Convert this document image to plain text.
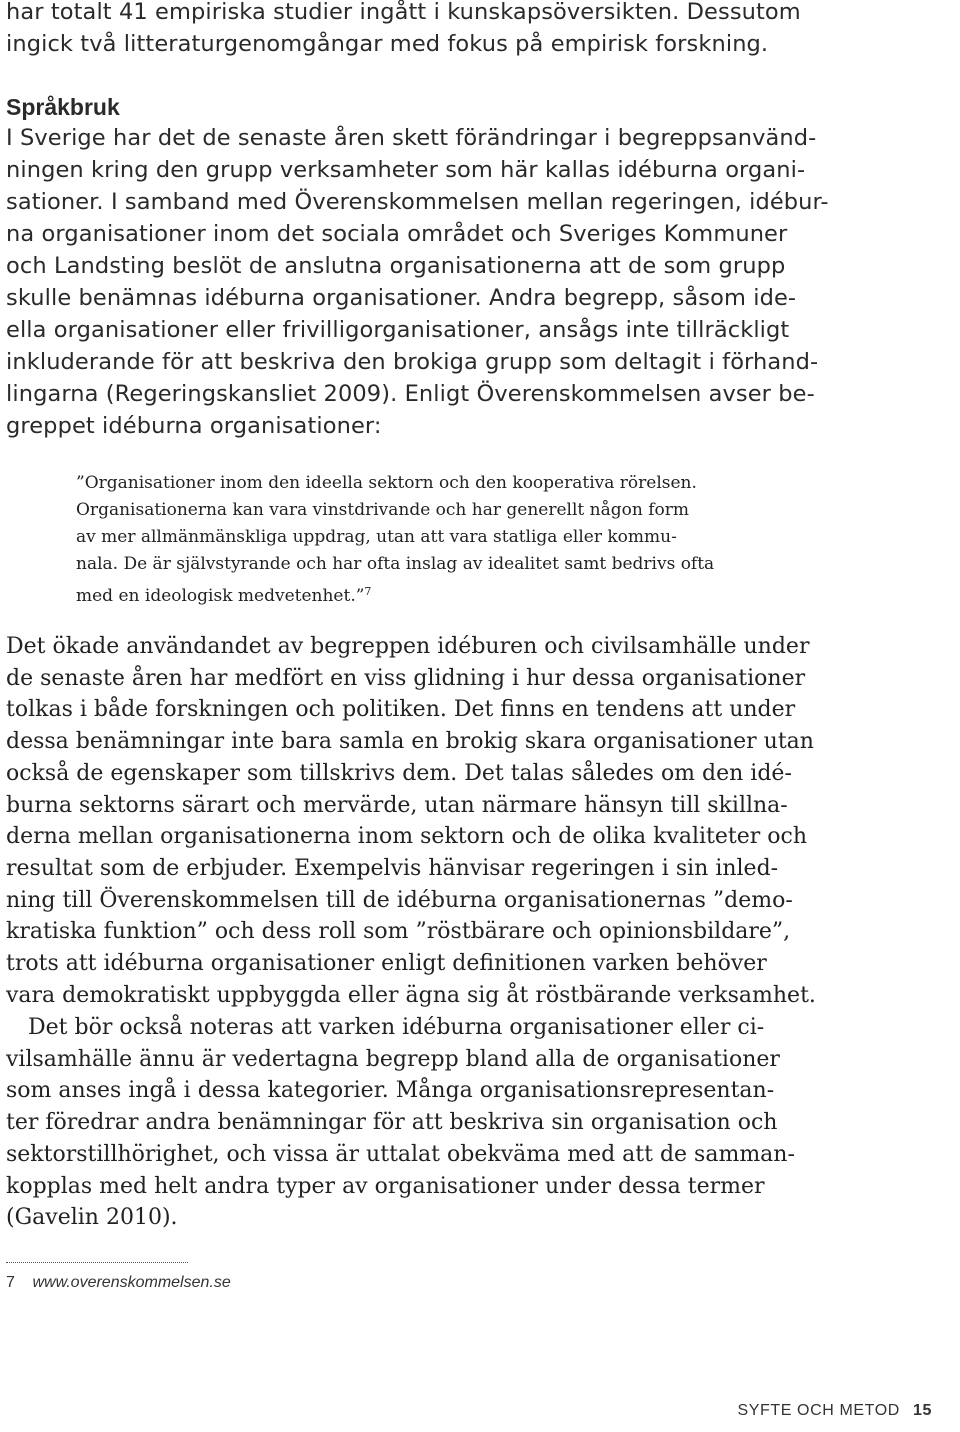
har totalt 41 empiriska studier ingått i kunskapsöversikten. Dessutom
ingick två litteraturgenomgångar med fokus på empirisk forskning.
Språkbruk
I Sverige har det de senaste åren skett förändringar i begreppsanvänd-
ningen kring den grupp verksamheter som här kallas idéburna organi-
sationer. I samband med Överenskommelsen mellan regeringen, idébur-
na organisationer inom det sociala området och Sveriges Kommuner
och Landsting beslöt de anslutna organisationerna att de som grupp
skulle benämnas idéburna organisationer. Andra begrepp, såsom ide-
ella organisationer eller frivilligorganisationer, ansågs inte tillräckligt
inkluderande för att beskriva den brokiga grupp som deltagit i förhand-
lingarna (Regeringskansliet 2009). Enligt Överenskommelsen avser be-
greppet idéburna organisationer:
”Organisationer inom den ideella sektorn och den kooperativa rörelsen.
Organisationerna kan vara vinstdrivande och har generellt någon form
av mer allmänmänskliga uppdrag, utan att vara statliga eller kommu-
nala. De är självstyrande och har ofta inslag av idealitet samt bedrivs ofta
med en ideologisk medvetenhet.”$^7$
Det ökade användandet av begreppen idéburen och civilsamhälle under
de senaste åren har medfört en viss glidning i hur dessa organisationer
tolkas i både forskningen och politiken. Det finns en tendens att under
dessa benämningar inte bara samla en brokig skara organisationer utan
också de egenskaper som tillskrivs dem. Det talas således om den idé-
burna sektorns särart och mervärde, utan närmare hänsyn till skillna-
derna mellan organisationerna inom sektorn och de olika kvaliteter och
resultat som de erbjuder. Exempelvis hänvisar regeringen i sin inled-
ning till Överenskommelsen till de idéburna organisationernas ”demo-
kratiska funktion” och dess roll som ”röstbärare och opinionsbildare”,
trots att idéburna organisationer enligt definitionen varken behöver
vara demokratiskt uppbyggda eller ägna sig åt röstbärande verksamhet.
Det bör också noteras att varken idéburna organisationer eller ci-
vilsamhälle ännu är vedertagna begrepp bland alla de organisationer
som anses ingå i dessa kategorier. Många organisationsrepresentan-
ter föredrar andra benämningar för att beskriva sin organisation och
sektorstillhörighet, och vissa är uttalat obekväma med att de samman-
kopplas med helt andra typer av organisationer under dessa termer
(Gavelin 2010).
7 www.overenskommelsen.se
SYFTE OCH METOD 15
